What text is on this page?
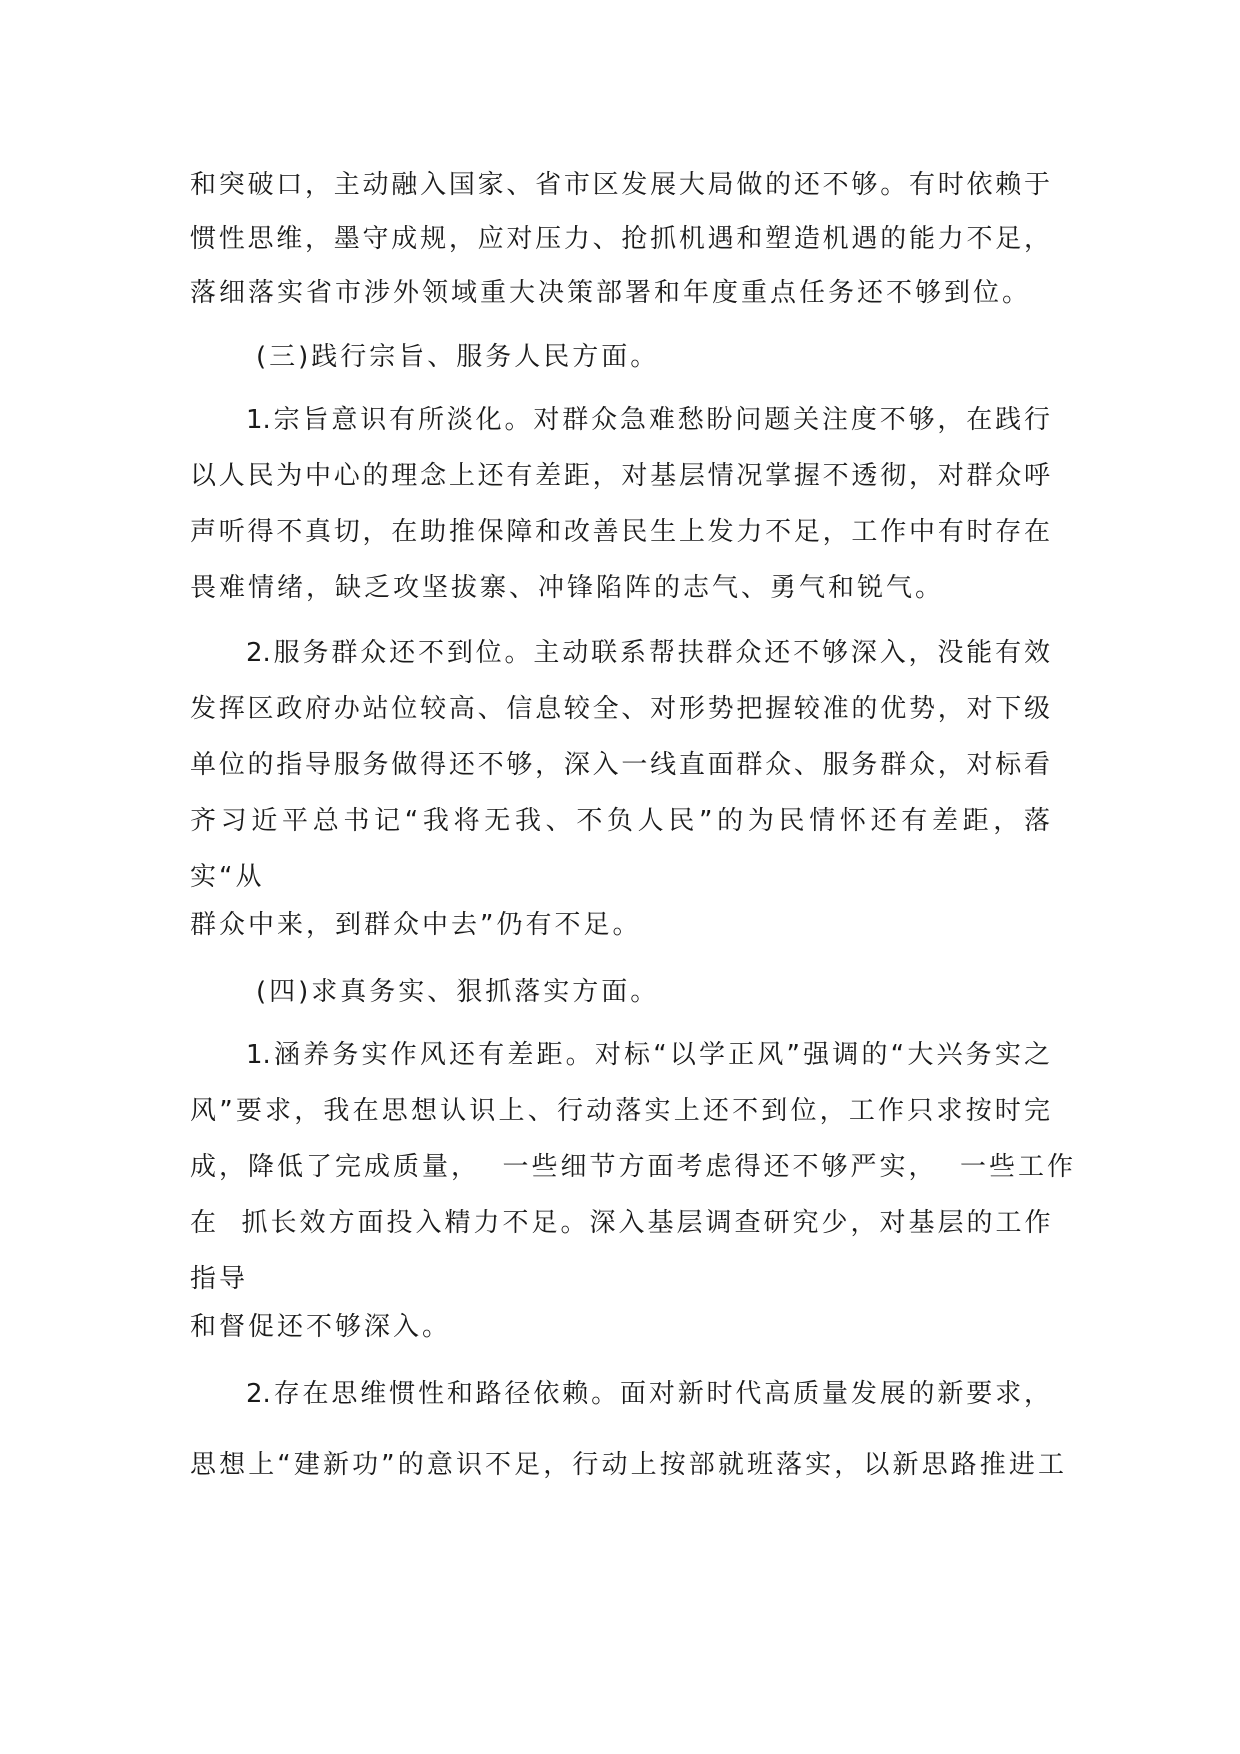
和突破口，主动融入国家、省市区发展大局做的还不够。有时依赖于
惯性思维，墨守成规，应对压力、抢抓机遇和塑造机遇的能力不足，
落细落实省市涉外领域重大决策部署和年度重点任务还不够到位。
(三)践行宗旨、服务人民方面。
1.宗旨意识有所淡化。对群众急难愁盼问题关注度不够，在践行
以人民为中心的理念上还有差距，对基层情况掌握不透彻，对群众呼
声听得不真切，在助推保障和改善民生上发力不足，工作中有时存在
畏难情绪，缺乏攻坚拔寨、冲锋陷阵的志气、勇气和锐气。
2.服务群众还不到位。主动联系帮扶群众还不够深入，没能有效
发挥区政府办站位较高、信息较全、对形势把握较准的优势，对下级
单位的指导服务做得还不够，深入一线直面群众、服务群众，对标看
齐习近平总书记“我将无我、不负人民”的为民情怀还有差距，落
实“从
群众中来，到群众中去”仍有不足。
(四)求真务实、狠抓落实方面。
1.涵养务实作风还有差距。对标“以学正风”强调的“大兴务实之
风”要求，我在思想认识上、行动落实上还不到位，工作只求按时完
成，降低了完成质量，  一些细节方面考虑得还不够严实，  一些工作
在  抓长效方面投入精力不足。深入基层调查研究少，对基层的工作
指导
和督促还不够深入。
2.存在思维惯性和路径依赖。面对新时代高质量发展的新要求，
思想上“建新功”的意识不足，行动上按部就班落实，以新思路推进工
